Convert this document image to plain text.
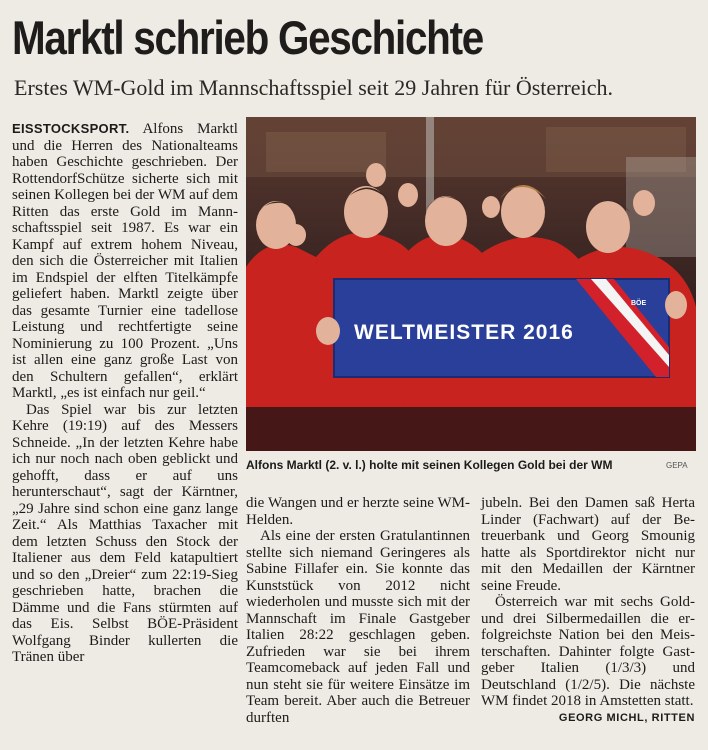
Marktl schrieb Geschichte
Erstes WM-Gold im Mannschaftsspiel seit 29 Jahren für Österreich.

EISSTOCKSPORT. Alfons Marktl und die Herren des Nationalteams haben Geschichte geschrieben. Der RottendorfSchütze sicherte sich mit seinen Kollegen bei der WM auf dem Ritten das erste Gold im Mannschaftsspiel seit 1987. Es war ein Kampf auf extrem hohem Niveau, den sich die Österreicher mit Italien im Endspiel der elften Titelkämpfe geliefert haben. Marktl zeigte über das gesamte Turnier eine tadellose Leistung und rechtfertigte seine Nominierung zu 100 Prozent. „Uns ist allen eine ganz große Last von den Schultern gefallen“, erklärt Marktl, „es ist einfach nur geil.“

Das Spiel war bis zur letzten Kehre (19:19) auf des Messers Schneide. „In der letzten Kehre habe ich nur noch nach oben geblickt und gehofft, dass er auf uns herunterschaut“, sagt der Kärntner, „29 Jahre sind schon eine ganz lange Zeit.“ Als Matthias Taxacher mit dem letzten Schuss den Stock der Italiener aus dem Feld katapultiert und so den „Dreier“ zum 22:19-Sieg geschrieben hatte, brachen die Dämme und die Fans stürmten auf das Eis. Selbst BÖE-Präsident Wolfgang Binder kullerten die Tränen über

WELTMEISTER 2016
BÖE
Alfons Marktl (2. v. l.) holte mit seinen Kollegen Gold bei der WM	GEPA

die Wangen und er herzte seine WM-Helden.

Als eine der ersten Gratulantinnen stellte sich niemand Geringeres als Sabine Fillafer ein. Sie konnte das Kunststück von 2012 nicht wiederholen und musste sich mit der Mannschaft im Finale Gastgeber Italien 28:22 geschlagen geben. Zufrieden war sie bei ihrem Teamcomeback auf jeden Fall und nun steht sie für weitere Einsätze im Team bereit. Aber auch die Betreuer durften

jubeln. Bei den Damen saß Herta Linder (Fachwart) auf der Betreuerbank und Georg Smounig hatte als Sportdirektor nicht nur mit den Medaillen der Kärntner seine Freude.

Österreich war mit sechs Gold- und drei Silbermedaillen die erfolgreichste Nation bei den Meisterschaften. Dahinter folgte Gastgeber Italien (1/3/3) und Deutschland (1/2/5). Die nächste WM findet 2018 in Amstetten statt.

GEORG MICHL, RITTEN
